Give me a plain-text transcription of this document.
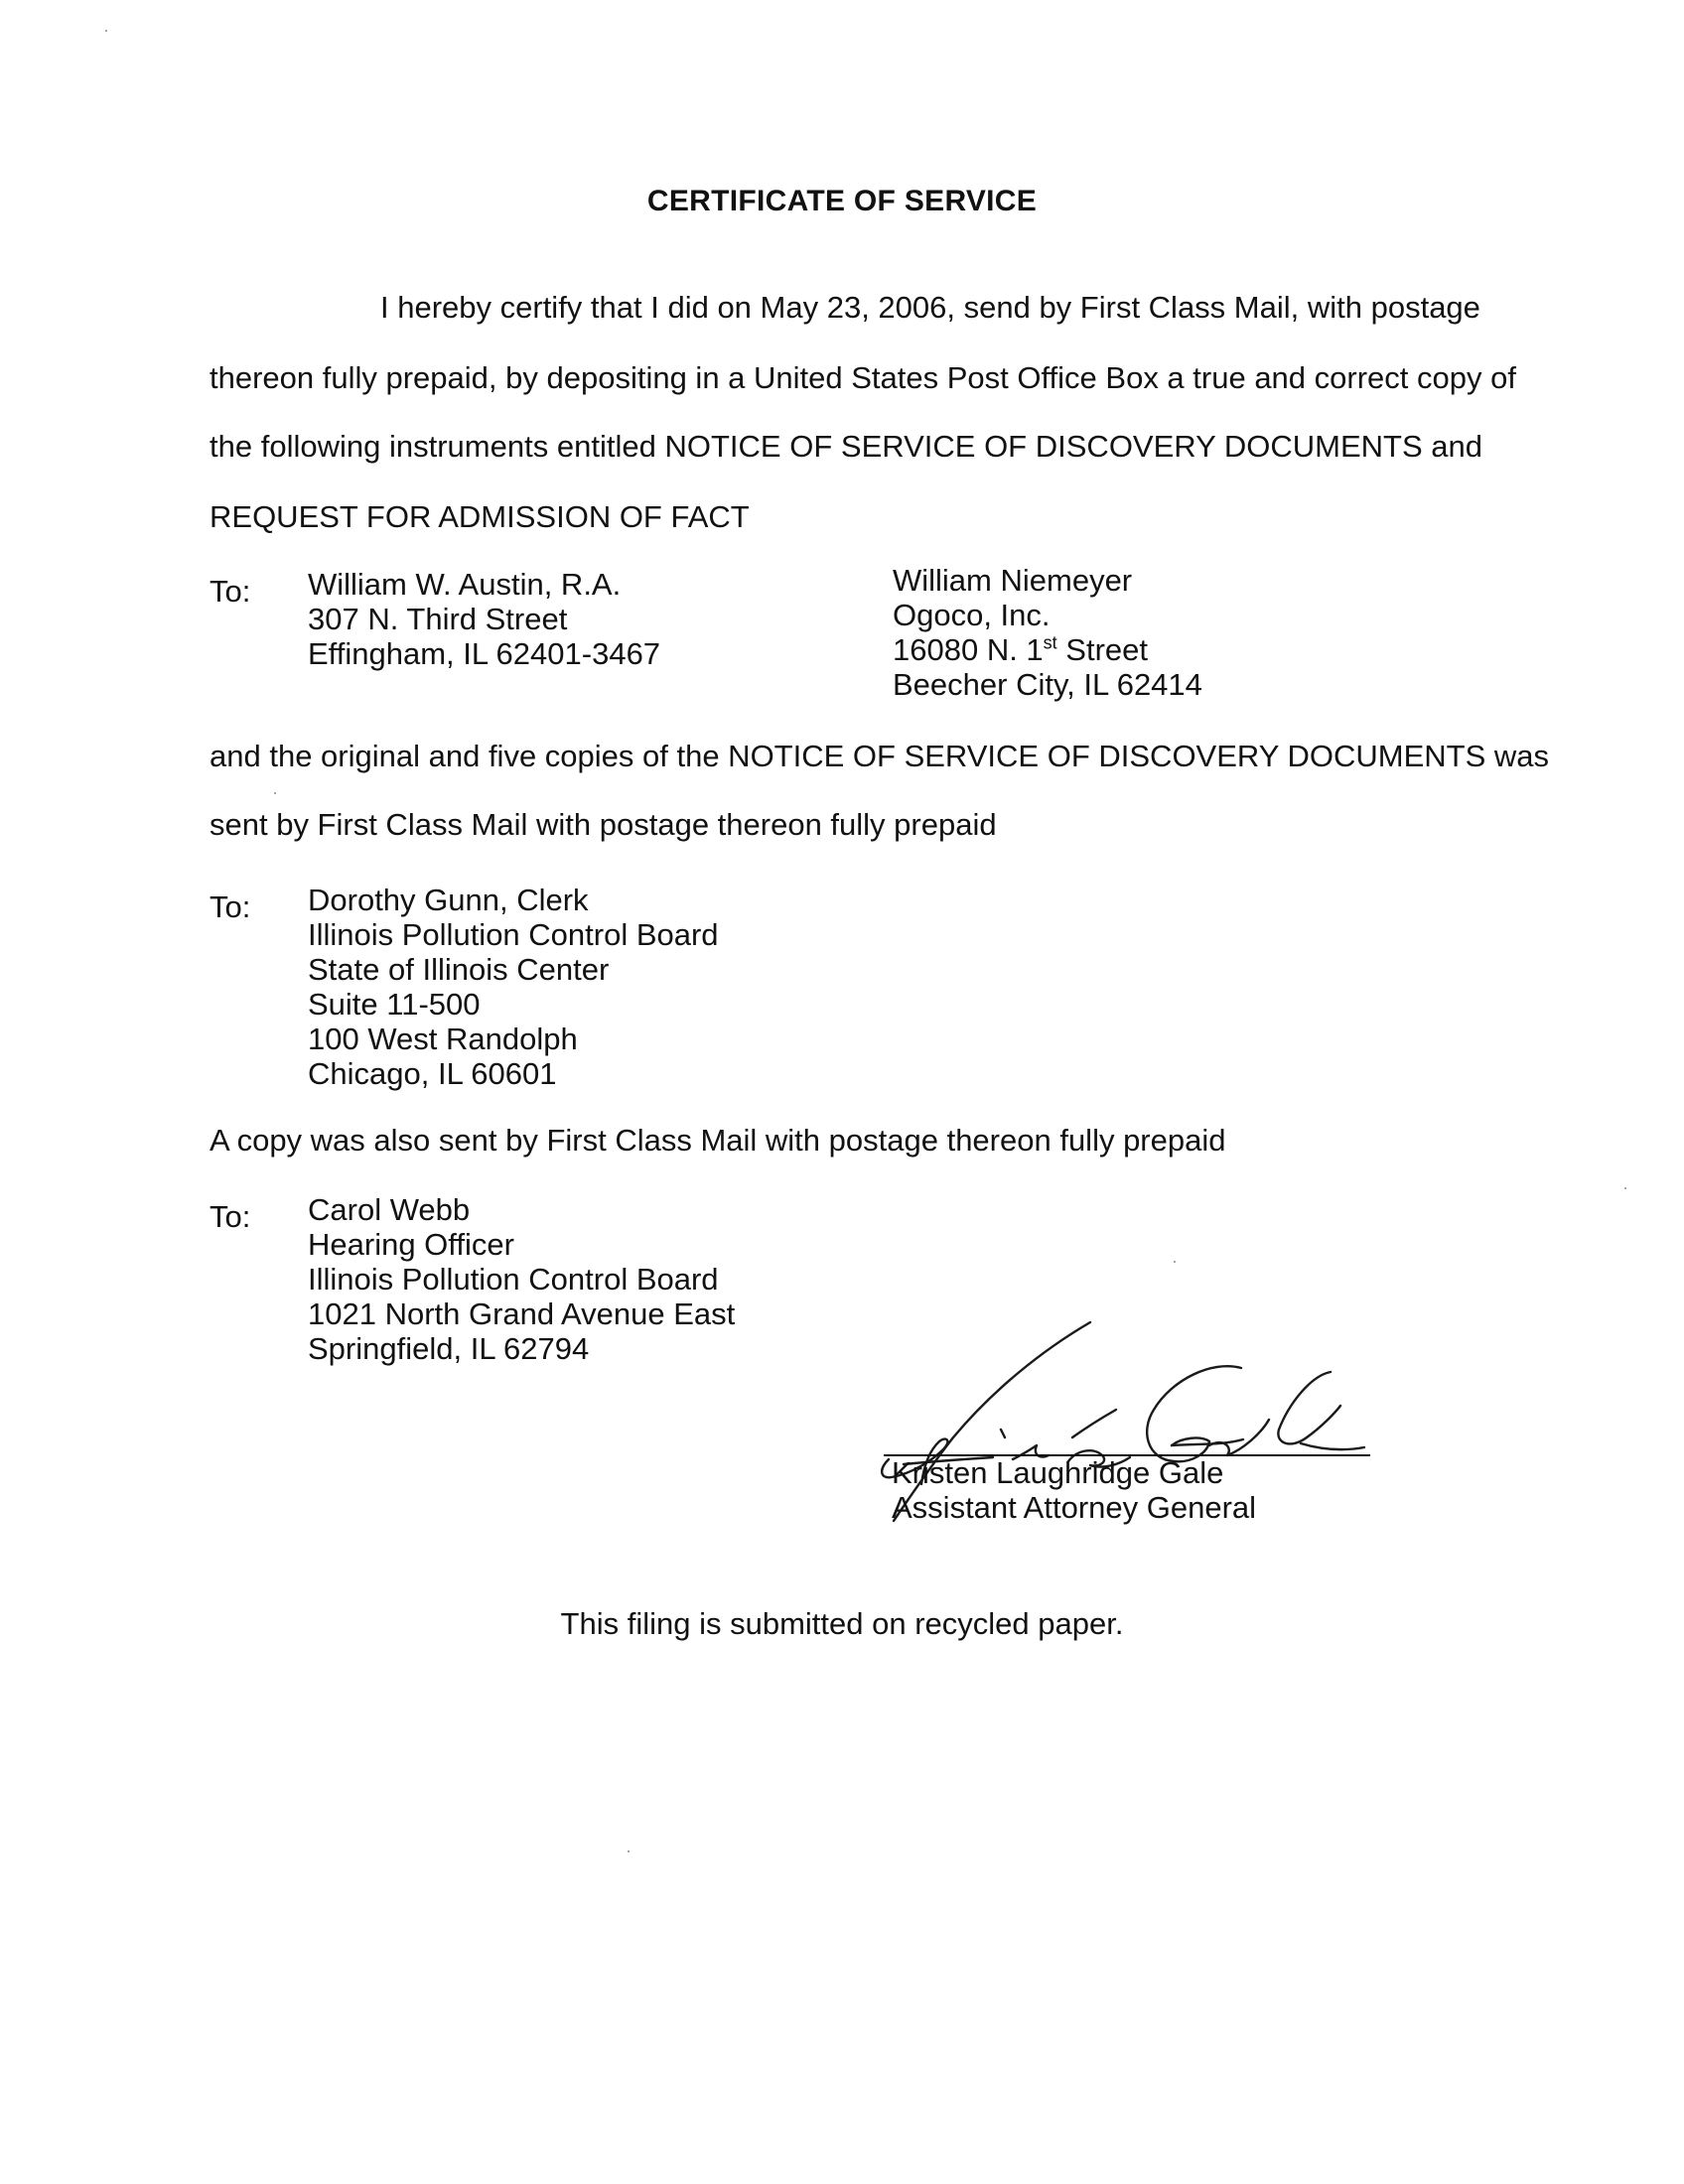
CERTIFICATE OF SERVICE
I hereby certify that I did on May 23, 2006, send by First Class Mail, with postage
thereon fully prepaid, by depositing in a United States Post Office Box a true and correct copy of
the following instruments entitled NOTICE OF SERVICE OF DISCOVERY DOCUMENTS and
REQUEST FOR ADMISSION OF FACT
To: William W. Austin, R.A.
307 N. Third Street
Effingham, IL 62401-3467
William Niemeyer
Ogoco, Inc.
16080 N. 1st Street
Beecher City, IL 62414
and the original and five copies of the NOTICE OF SERVICE OF DISCOVERY DOCUMENTS was
sent by First Class Mail with postage thereon fully prepaid
To: Dorothy Gunn, Clerk
Illinois Pollution Control Board
State of Illinois Center
Suite 11-500
100 West Randolph
Chicago, IL 60601
A copy was also sent by First Class Mail with postage thereon fully prepaid
To: Carol Webb
Hearing Officer
Illinois Pollution Control Board
1021 North Grand Avenue East
Springfield, IL 62794
Kristen Laughridge Gale
Assistant Attorney General
This filing is submitted on recycled paper.
